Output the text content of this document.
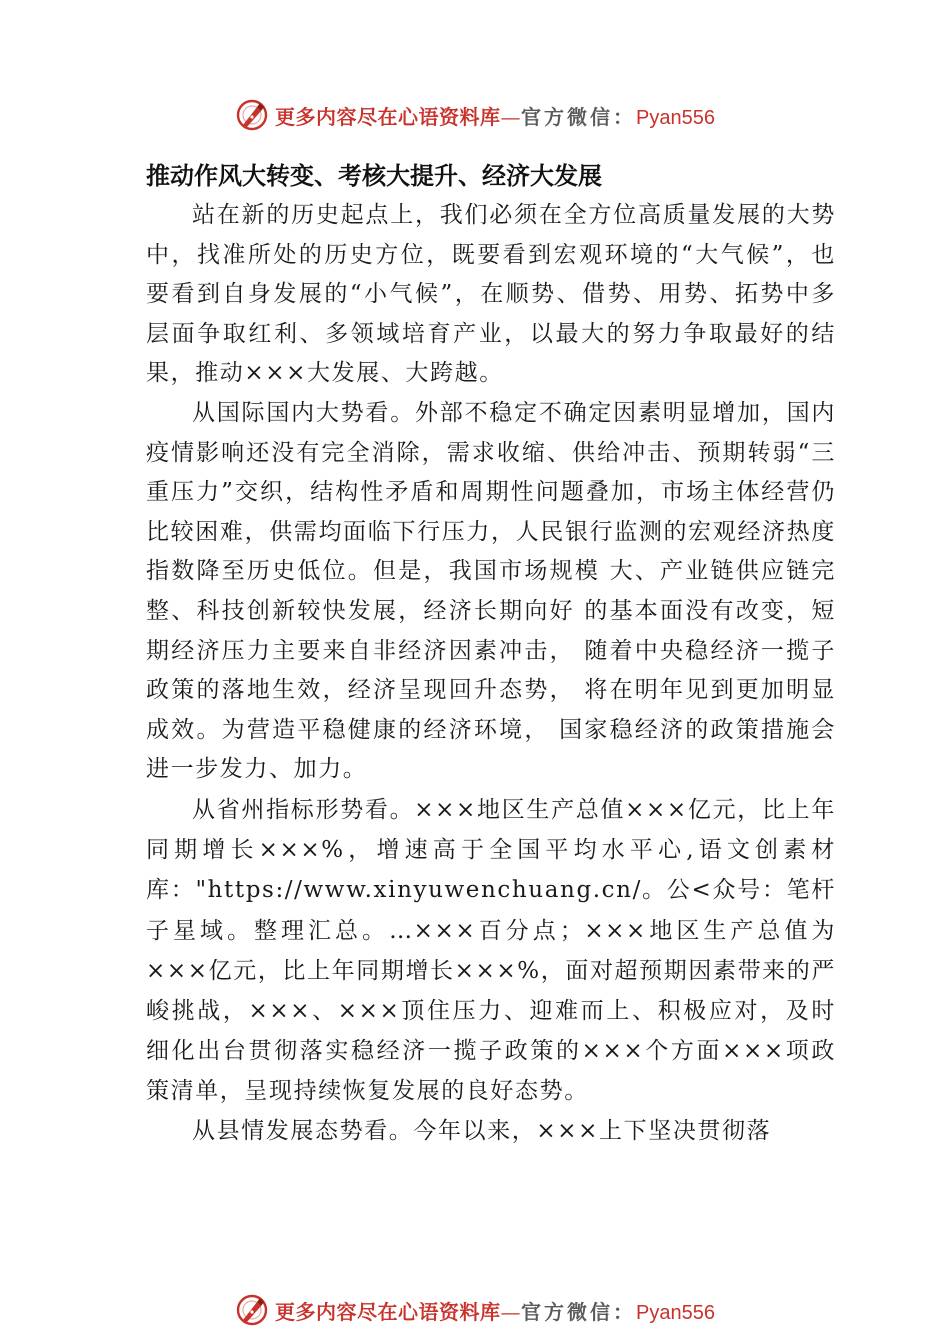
更多内容尽在心语资料库—官方微信：Pyan556
推动作风大转变、考核大提升、经济大发展

站在新的历史起点上，我们必须在全方位高质量发展的大势中，找准所处的历史方位，既要看到宏观环境的“大气候”，也要看到自身发展的“小气候”，在顺势、借势、用势、拓势中多层面争取红利、多领域培育产业，以最大的努力争取最好的结果，推动×××大发展、大跨越。

从国际国内大势看。外部不稳定不确定因素明显增加，国内疫情影响还没有完全消除，需求收缩、供给冲击、预期转弱“三重压力”交织，结构性矛盾和周期性问题叠加，市场主体经营仍比较困难，供需均面临下行压力，人民银行监测的宏观经济热度指数降至历史低位。但是，我国市场规模 大、产业链供应链完整、科技创新较快发展，经济长期向好 的基本面没有改变，短期经济压力主要来自非经济因素冲击， 随着中央稳经济一揽子政策的落地生效，经济呈现回升态势， 将在明年见到更加明显成效。为营造平稳健康的经济环境， 国家稳经济的政策措施会进一步发力、加力。

从省州指标形势看。×××地区生产总值×××亿元，比上年同期增长×××%，增速高于全国平均水平心,语文创素材库："https://www.xinyuwenchuang.cn/。公<众号：笔杆子星域。整理汇总。…×××百分点；×××地区生产总值为×××亿元，比上年同期增长×××%，面对超预期因素带来的严峻挑战，×××、×××顶住压力、迎难而上、积极应对，及时细化出台贯彻落实稳经济一揽子政策的×××个方面×××项政策清单，呈现持续恢复发展的良好态势。

从县情发展态势看。今年以来，×××上下坚决贯彻落

更多内容尽在心语资料库—官方微信：Pyan556
